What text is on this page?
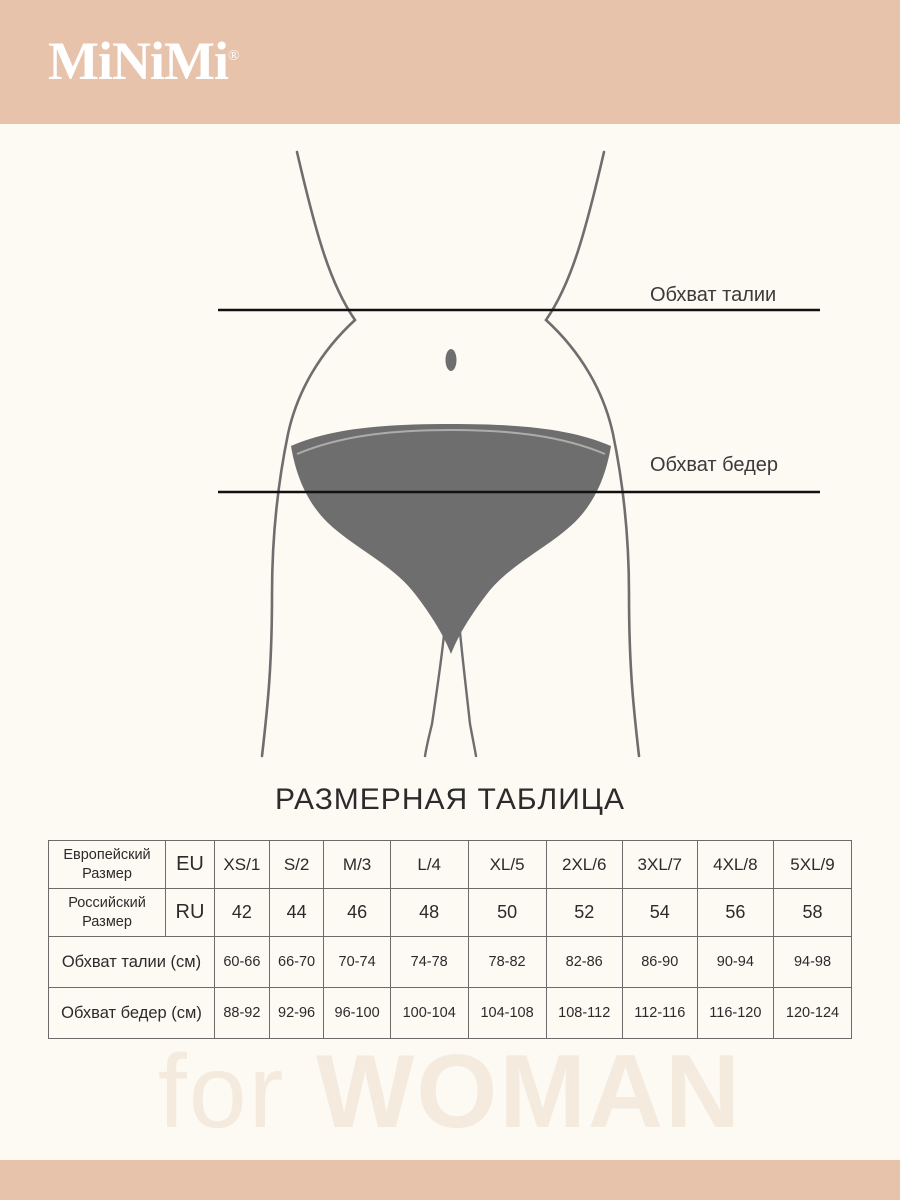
MiNiMi®
for WOMAN
Обхват талии
Обхват бедер
РАЗМЕРНАЯ ТАБЛИЦА
Европейский
Размер	EU	XS/1	S/2	M/3	L/4	XL/5	2XL/6	3XL/7	4XL/8	5XL/9
Российский
Размер	RU	42	44	46	48	50	52	54	56	58
Обхват талии (см)		60-66	66-70	70-74	74-78	78-82	82-86	86-90	90-94	94-98
Обхват бедер (см)		88-92	92-96	96-100	100-104	104-108	108-112	112-116	116-120	120-124
